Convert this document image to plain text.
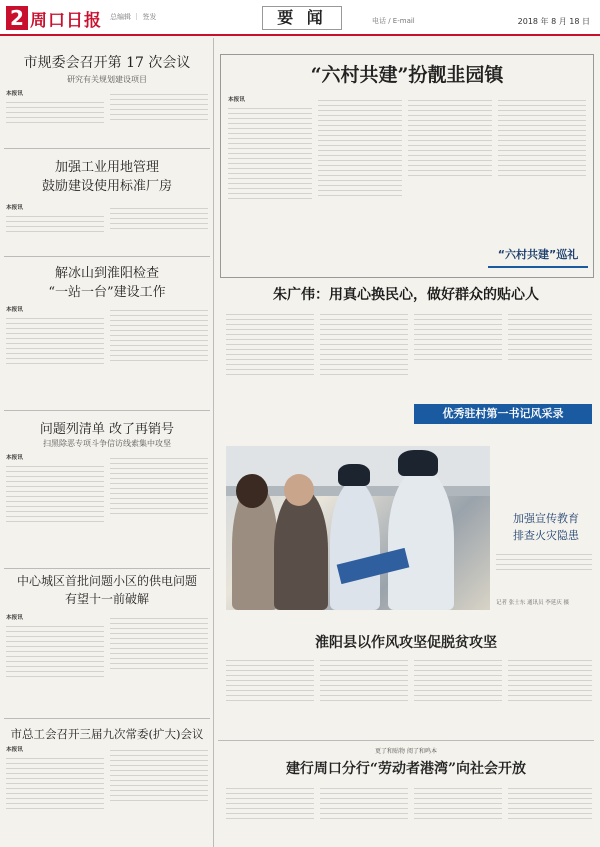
2 周口日报 总编辑 ｜ 签发	要 闻	电话 / E-mail	2018 年 8 月 18 日
市规委会召开第 17 次会议
研究有关规划建设项目
本报讯
加强工业用地管理
鼓励建设使用标准厂房
本报讯
解冰山到淮阳检查
“一站一台”建设工作
本报讯
问题列清单 改了再销号
扫黑除恶专项斗争信访线索集中攻坚
本报讯
中心城区首批问题小区的供电问题
有望十一前破解
本报讯
市总工会召开三届九次常委(扩大)会议
本报讯
“六村共建”扮靓韭园镇
本报讯
“六村共建”巡礼
朱广伟：用真心换民心，做好群众的贴心人
优秀驻村第一书记风采录
加强宣传教育
排查火灾隐患
记者 张士东 通讯员 李延庆 摄
淮阳县以作风攻坚促脱贫攻坚
更了和贴物 阅了和鸣本
建行周口分行“劳动者港湾”向社会开放
